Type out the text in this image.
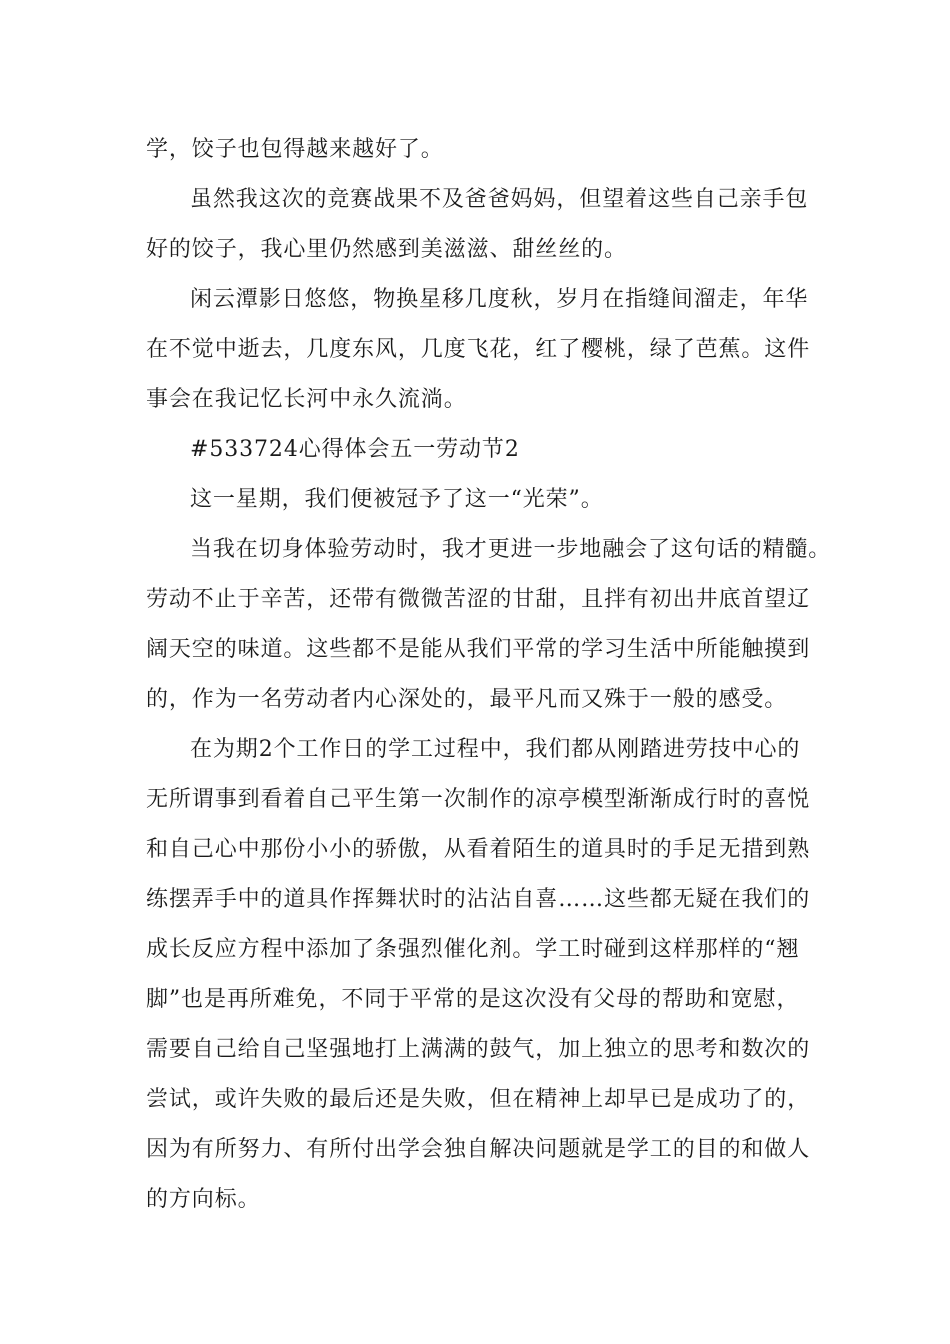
学，饺子也包得越来越好了。
虽然我这次的竞赛战果不及爸爸妈妈，但望着这些自己亲手包
好的饺子，我心里仍然感到美滋滋、甜丝丝的。
闲云潭影日悠悠，物换星移几度秋，岁月在指缝间溜走，年华
在不觉中逝去，几度东风，几度飞花，红了樱桃，绿了芭蕉。这件
事会在我记忆长河中永久流淌。
#533724心得体会五一劳动节2
这一星期，我们便被冠予了这一“光荣”。
当我在切身体验劳动时，我才更进一步地融会了这句话的精髓。
劳动不止于辛苦，还带有微微苦涩的甘甜，且拌有初出井底首望辽
阔天空的味道。这些都不是能从我们平常的学习生活中所能触摸到
的，作为一名劳动者内心深处的，最平凡而又殊于一般的感受。
在为期2个工作日的学工过程中，我们都从刚踏进劳技中心的
无所谓事到看着自己平生第一次制作的凉亭模型渐渐成行时的喜悦
和自己心中那份小小的骄傲，从看着陌生的道具时的手足无措到熟
练摆弄手中的道具作挥舞状时的沾沾自喜……这些都无疑在我们的
成长反应方程中添加了条强烈催化剂。学工时碰到这样那样的“翘
脚”也是再所难免，不同于平常的是这次没有父母的帮助和宽慰，
需要自己给自己坚强地打上满满的鼓气，加上独立的思考和数次的
尝试，或许失败的最后还是失败，但在精神上却早已是成功了的，
因为有所努力、有所付出学会独自解决问题就是学工的目的和做人
的方向标。
